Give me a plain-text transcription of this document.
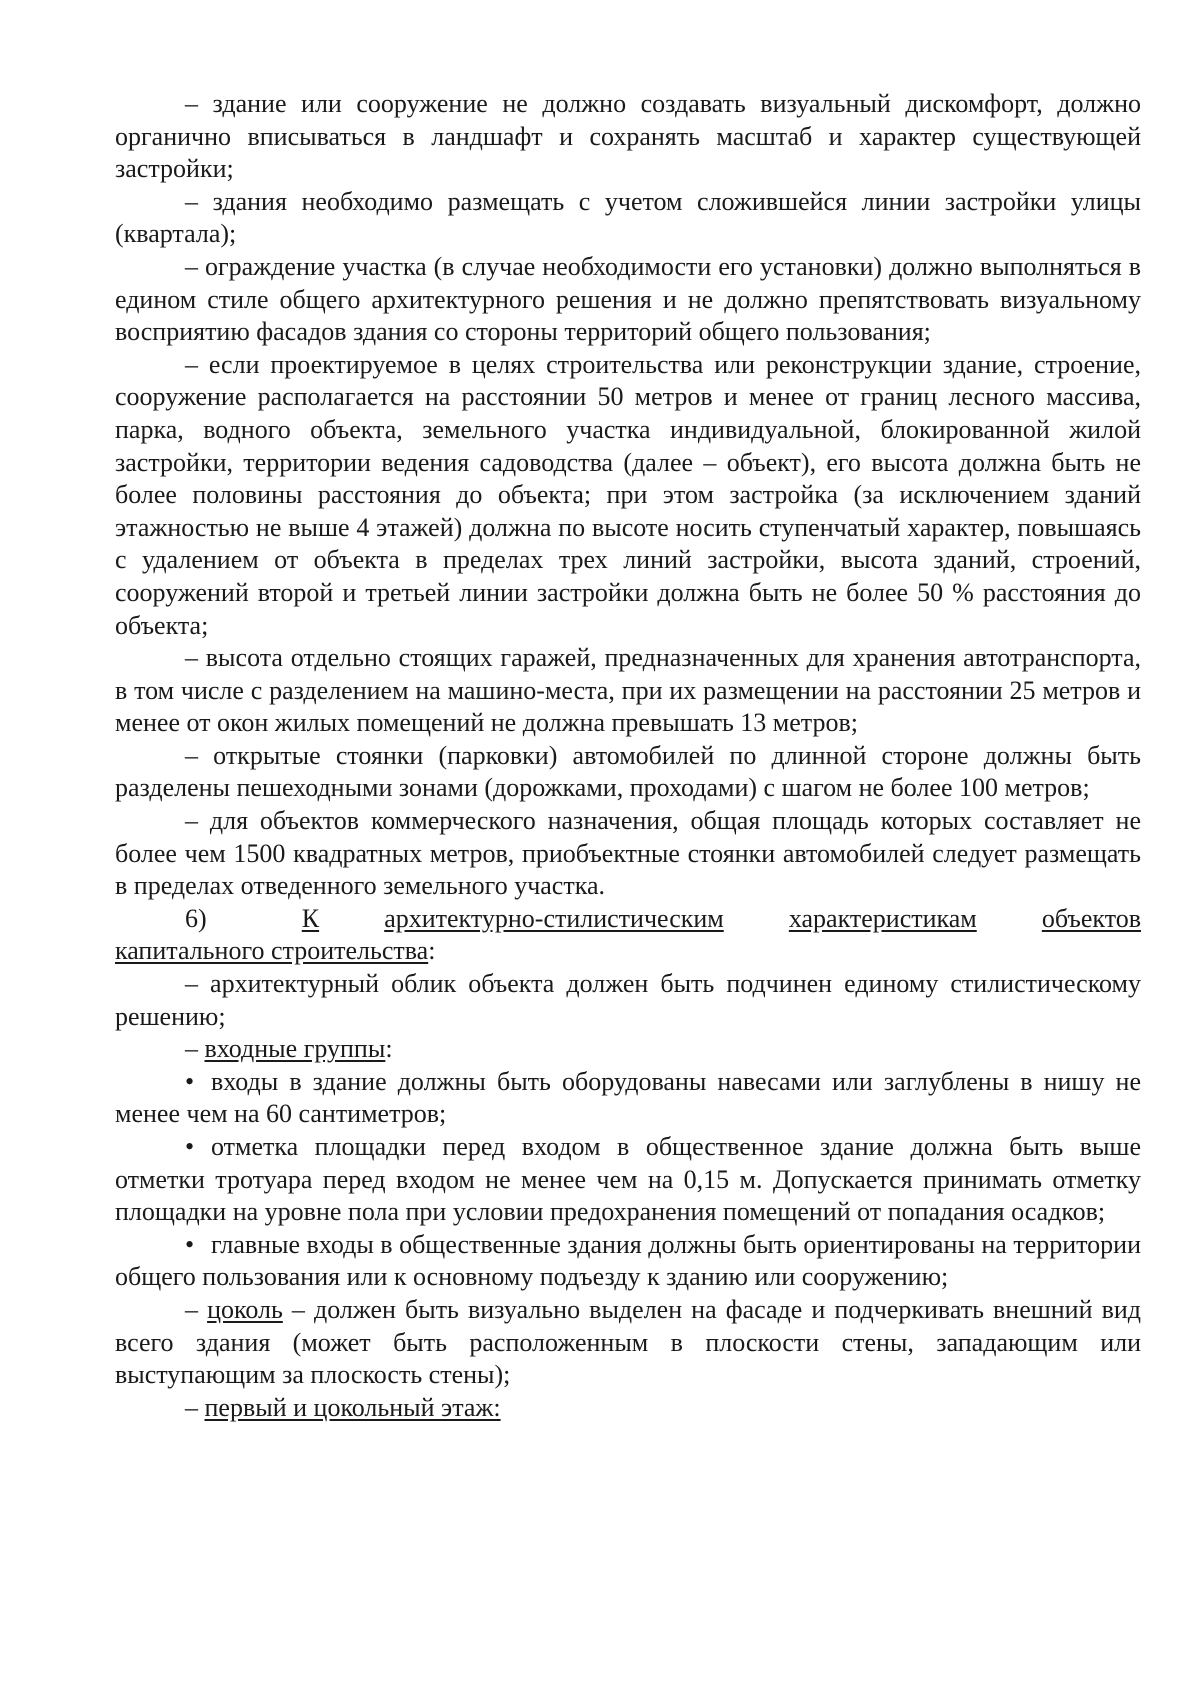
– здание или сооружение не должно создавать визуальный дискомфорт, должно органично вписываться в ландшафт и сохранять масштаб и характер существующей застройки;

– здания необходимо размещать с учетом сложившейся линии застройки улицы (квартала);

– ограждение участка (в случае необходимости его установки) должно выполняться в едином стиле общего архитектурного решения и не должно препятствовать визуальному восприятию фасадов здания со стороны территорий общего пользования;

– если проектируемое в целях строительства или реконструкции здание, строение, сооружение располагается на расстоянии 50 метров и менее от границ лесного массива, парка, водного объекта, земельного участка индивидуальной, блокированной жилой застройки, территории ведения садоводства (далее – объект), его высота должна быть не более половины расстояния до объекта; при этом застройка (за исключением зданий этажностью не выше 4 этажей) должна по высоте носить ступенчатый характер, повышаясь с удалением от объекта в пределах трех линий застройки, высота зданий, строений, сооружений второй и третьей линии застройки должна быть не более 50 % расстояния до объекта;

– высота отдельно стоящих гаражей, предназначенных для хранения автотранспорта, в том числе с разделением на машино-места, при их размещении на расстоянии 25 метров и менее от окон жилых помещений не должна превышать 13 метров;

– открытые стоянки (парковки) автомобилей по длинной стороне должны быть разделены пешеходными зонами (дорожками, проходами) с шагом не более 100 метров;

– для объектов коммерческого назначения, общая площадь которых составляет не более чем 1500 квадратных метров, приобъектные стоянки автомобилей следует размещать в пределах отведенного земельного участка.

6)	К	архитектурно-стилистическим	характеристикам	объектов
капитального строительства:

– архитектурный облик объекта должен быть подчинен единому стилистическому решению;

– входные группы:

• входы в здание должны быть оборудованы навесами или заглублены в нишу не менее чем на 60 сантиметров;

• отметка площадки перед входом в общественное здание должна быть выше отметки тротуара перед входом не менее чем на 0,15 м. Допускается принимать отметку площадки на уровне пола при условии предохранения помещений от попадания осадков;

• главные входы в общественные здания должны быть ориентированы на территории общего пользования или к основному подъезду к зданию или сооружению;

– цоколь – должен быть визуально выделен на фасаде и подчеркивать внешний вид всего здания (может быть расположенным в плоскости стены, западающим или выступающим за плоскость стены);

– первый и цокольный этаж:
